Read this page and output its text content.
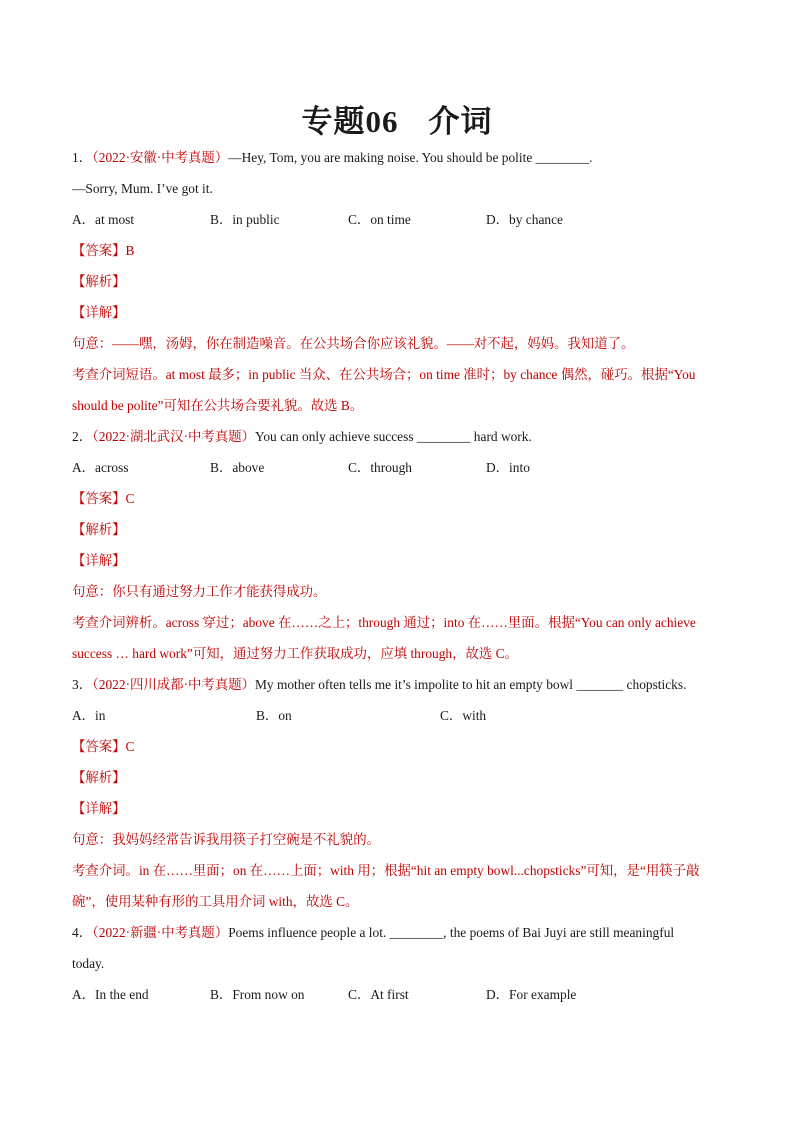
专题06 介词
1．（2022·安徽·中考真题）—Hey, Tom, you are making noise. You should be polite ________.
—Sorry, Mum. I’ve got it.
A．at most	B．in public	C．on time	D．by chance
【答案】B
【解析】
【详解】
句意：——嘿，汤姆，你在制造噪音。在公共场合你应该礼貌。——对不起，妈妈。我知道了。
考查介词短语。at most 最多；in public 当众、在公共场合；on time 准时；by chance 偶然，碰巧。根据“You
should be polite”可知在公共场合要礼貌。故选 B。
2．（2022·湖北武汉·中考真题）You can only achieve success ________ hard work.
A．across	B．above	C．through	D．into
【答案】C
【解析】
【详解】
句意：你只有通过努力工作才能获得成功。
考查介词辨析。across 穿过；above 在……之上；through 通过；into 在……里面。根据“You can only achieve
success … hard work”可知，通过努力工作获取成功，应填 through，故选 C。
3．（2022·四川成都·中考真题）My mother often tells me it’s impolite to hit an empty bowl _______ chopsticks.
A．in	B．on	C．with
【答案】C
【解析】
【详解】
句意：我妈妈经常告诉我用筷子打空碗是不礼貌的。
考查介词。in 在……里面；on 在……上面；with 用；根据“hit an empty bowl...chopsticks”可知，是“用筷子敲
碗”，使用某种有形的工具用介词 with，故选 C。
4．（2022·新疆·中考真题）Poems influence people a lot. ________, the poems of Bai Juyi are still meaningful
today.
A．In the end	B．From now on	C．At first	D．For example
